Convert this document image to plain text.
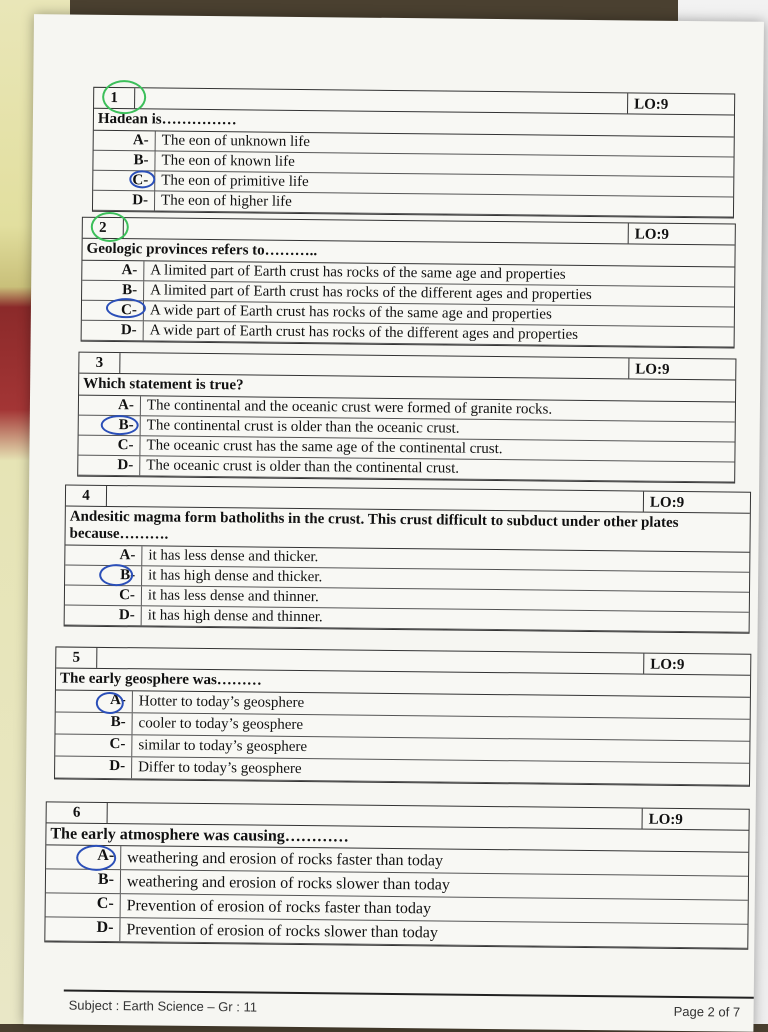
1	LO:9
Hadean is……………
A- The eon of unknown life
B- The eon of known life
C- The eon of primitive life
D- The eon of higher life
2	LO:9
Geologic provinces refers to………..
A- A limited part of Earth crust has rocks of the same age and properties
B- A limited part of Earth crust has rocks of the different ages and properties
C- A wide part of Earth crust has rocks of the same age and properties
D- A wide part of Earth crust has rocks of the different ages and properties
3	LO:9
Which statement is true?
A- The continental and the oceanic crust were formed of granite rocks.
B- The continental crust is older than the oceanic crust.
C- The oceanic crust has the same age of the continental crust.
D- The oceanic crust is older than the continental crust.
4	LO:9
Andesitic magma form batholiths in the crust. This crust difficult to subduct under other plates because……….
A- it has less dense and thicker.
B- it has high dense and thicker.
C- it has less dense and thinner.
D- it has high dense and thinner.
5	LO:9
The early geosphere was………
A- Hotter to today’s geosphere
B- cooler to today’s geosphere
C- similar to today’s geosphere
D- Differ to today’s geosphere
6	LO:9
The early atmosphere was causing…………
A- weathering and erosion of rocks faster than today
B- weathering and erosion of rocks slower than today
C- Prevention of erosion of rocks faster than today
D- Prevention of erosion of rocks slower than today
Subject : Earth Science – Gr : 11	Page 2 of 7
